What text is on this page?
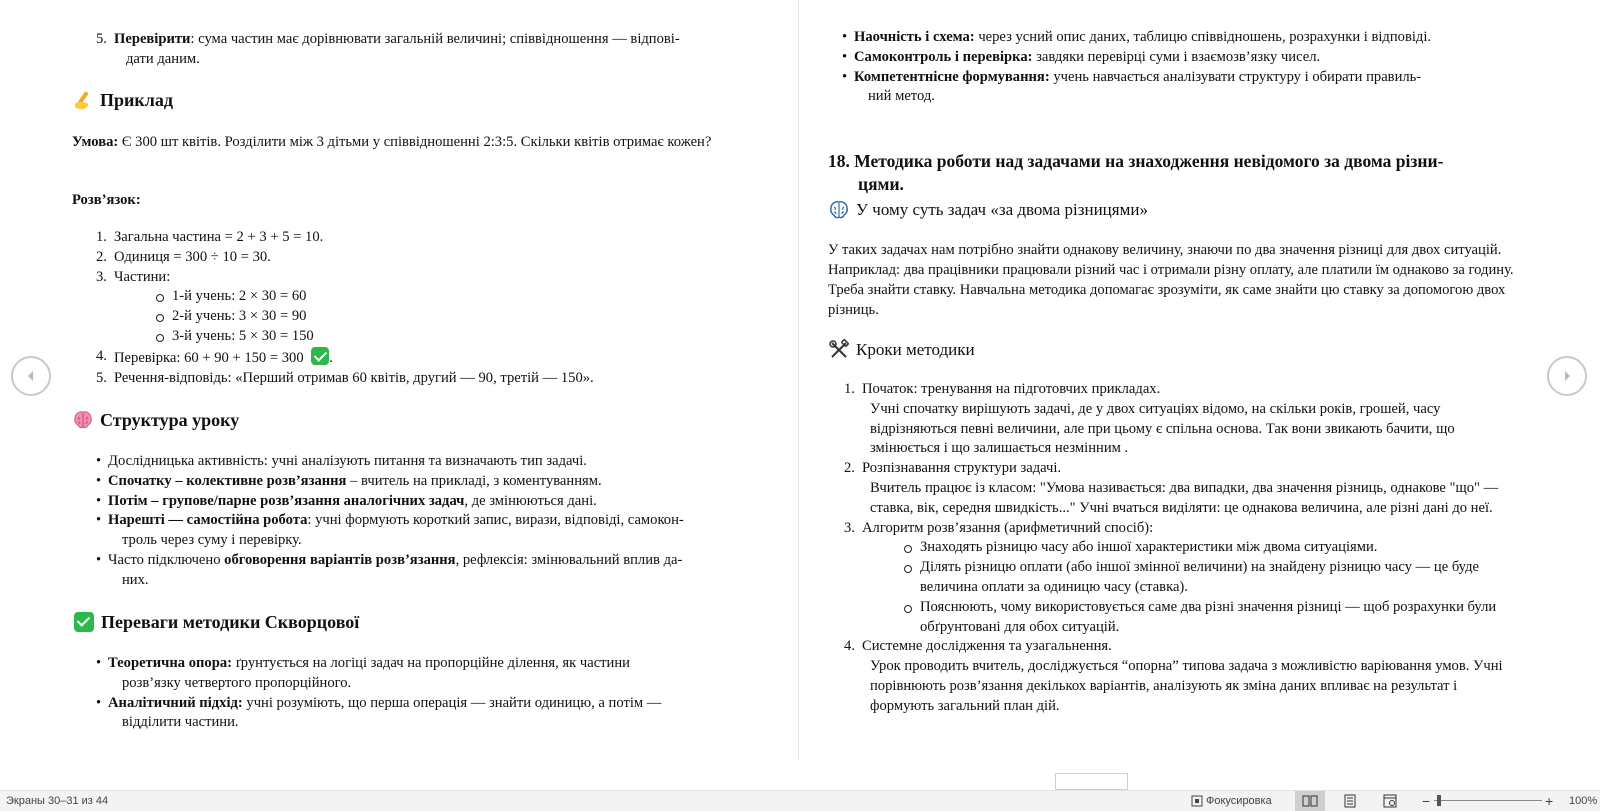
5. Перевірити: сума частин має дорівнювати загальній величині; співвідношення — відпові-
дати даним.
Приклад

Умова: Є 300 шт квітів. Розділити між 3 дітьми у співвідношенні 2:3:5. Скільки квітів отримає кожен?

Розв’язок:

1. Загальна частина = 2 + 3 + 5 = 10.
2. Одиниця = 300 ÷ 10 = 30.
3. Частини:
1-й учень: 2 × 30 = 60
2-й учень: 3 × 30 = 90
3-й учень: 5 × 30 = 150
4. Перевірка: 60 + 90 + 150 = 300 .
5. Речення-відповідь: «Перший отримав 60 квітів, другий — 90, третій — 150».
Структура уроку
• Дослідницька активність: учні аналізують питання та визначають тип задачі.
• Спочатку – колективне розв’язання – вчитель на прикладі, з коментуванням.
• Потім – групове/парне розв’язання аналогічних задач, де змінюються дані.
• Нарешті — самостійна робота: учні формують короткий запис, вирази, відповіді, самокон-
троль через суму і перевірку.
• Часто підключено обговорення варіантів розв’язання, рефлексія: змінювальний вплив да-
них.
Переваги методики Скворцової
• Теоретична опора: ґрунтується на логіці задач на пропорційне ділення, як частини
розв’язку четвертого пропорційного.
• Аналітичний підхід: учні розуміють, що перша операція — знайти одиницю, а потім —
відділити частини.
• Наочність і схема: через усний опис даних, таблицю співвідношень, розрахунки і відповіді.
• Самоконтроль і перевірка: завдяки перевірці суми і взаємозв’язку чисел.
• Компетентнісне формування: учень навчається аналізувати структуру і обирати правиль-
ний метод.
18. Методика роботи над задачами на знаходження невідомого за двома різни-
цями.
У чому суть задач «за двома різницями»

У таких задачах нам потрібно знайти однакову величину, знаючи по два значення різниці для двох ситуацій. Наприклад: два працівники працювали різний час і отримали різну оплату, але платили їм однаково за годину. Треба знайти ставку. Навчальна методика допомагає зрозуміти, як саме знайти цю ставку за допомогою двох різниць.

Кроки методики
1. Початок: тренування на підготовчих прикладах.
Учні спочатку вирішують задачі, де у двох ситуаціях відомо, на скільки років, грошей, часу відрізняються певні величини, але при цьому є спільна основа. Так вони звикають бачити, що змінюється і що залишається незмінним .
2. Розпізнавання структури задачі.
Вчитель працює із класом: "Умова називається: два випадки, два значення різниць, однакове "що" — ставка, вік, середня швидкість..." Учні вчаться виділяти: це однакова величина, але різні дані до неї.
3. Алгоритм розв’язання (арифметичний спосіб):
Знаходять різницю часу або іншої характеристики між двома ситуаціями.
Ділять різницю оплати (або іншої змінної величини) на знайдену різницю часу — це буде величина оплати за одиницю часу (ставка).
Пояснюють, чому використовується саме два різні значення різниці — щоб розрахунки були обґрунтовані для обох ситуацій.
4. Системне дослідження та узагальнення.
Урок проводить вчитель, досліджується “опорна” типова задача з можливістю варіювання умов. Учні порівнюють розв’язання декількох варіантів, аналізують як зміна даних впливає на результат і формують загальний план дій.
Экраны 30–31 из 44	Фокусировка	−	+ 100%
